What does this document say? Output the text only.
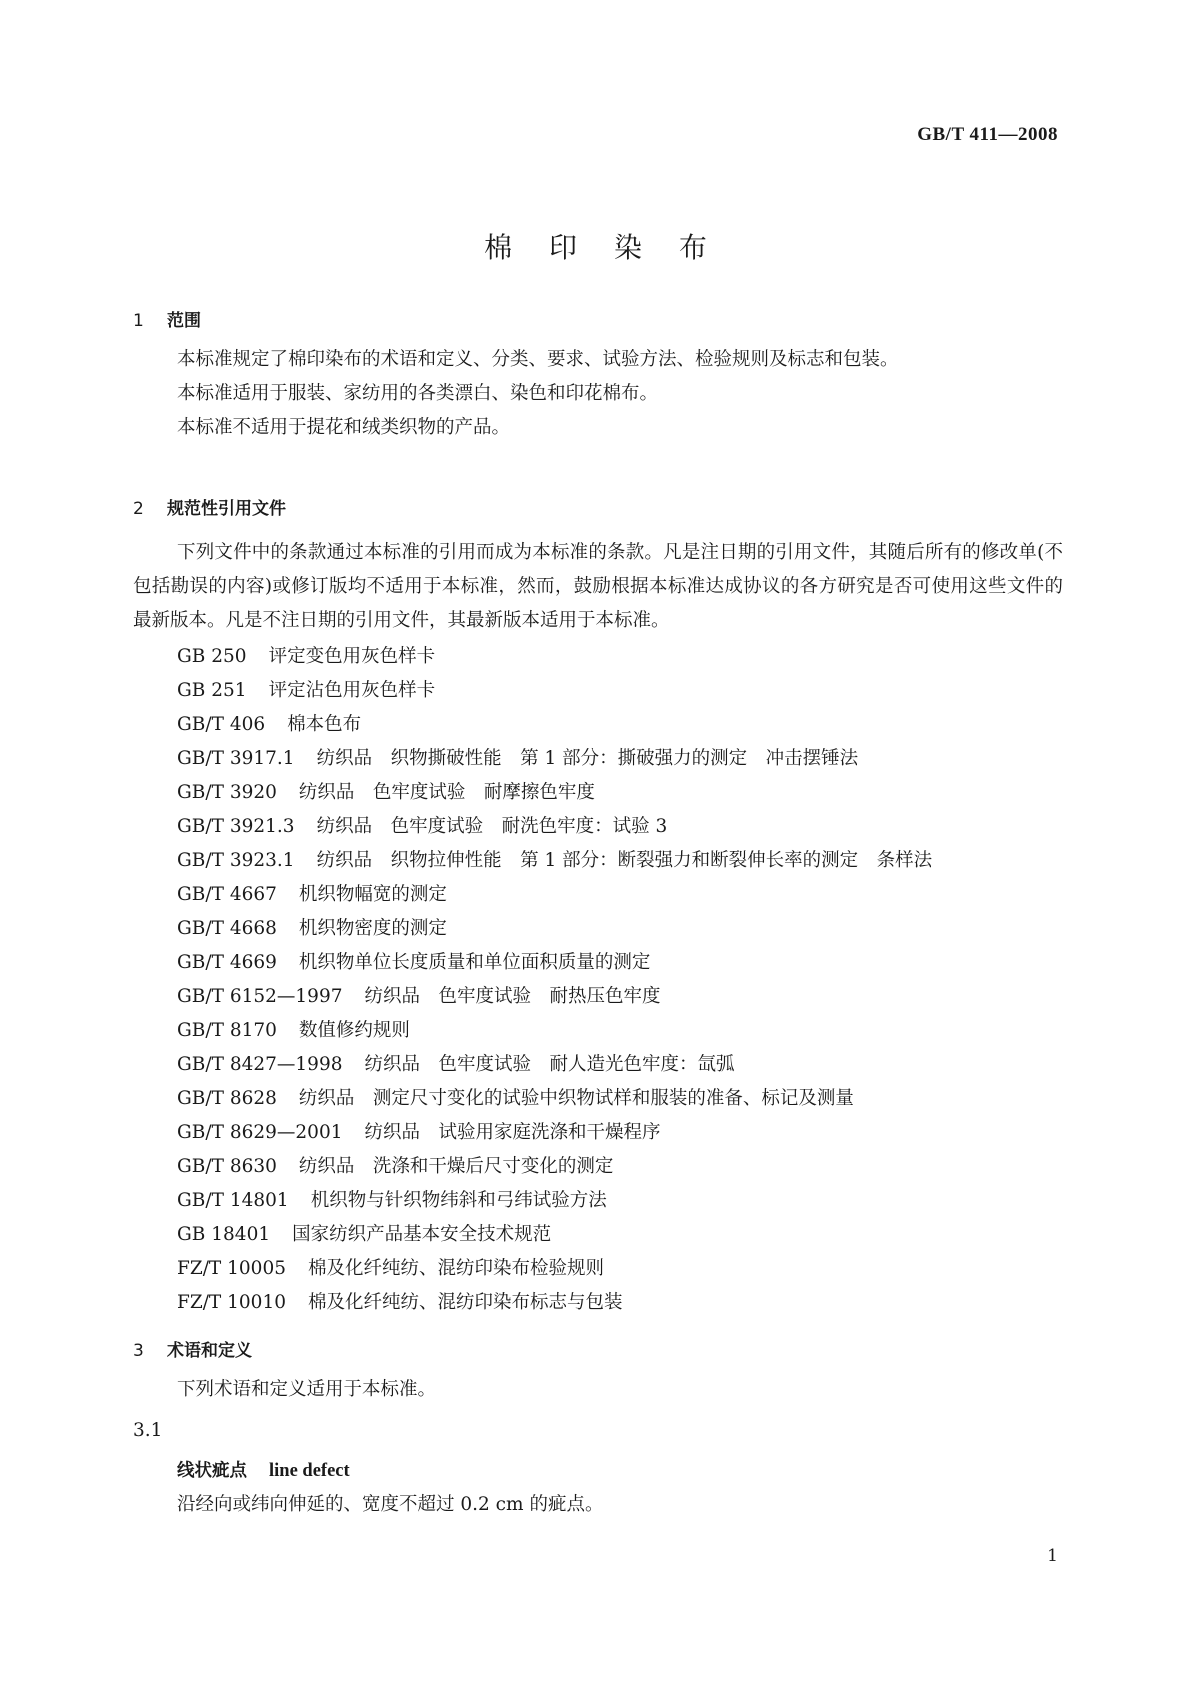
GB/T 411—2008

棉 印 染 布
1 范围

本标准规定了棉印染布的术语和定义、分类、要求、试验方法、检验规则及标志和包装。

本标准适用于服装、家纺用的各类漂白、染色和印花棉布。

本标准不适用于提花和绒类织物的产品。

2 规范性引用文件

下列文件中的条款通过本标准的引用而成为本标准的条款。凡是注日期的引用文件，其随后所有的修改单(不包括勘误的内容)或修订版均不适用于本标准，然而，鼓励根据本标准达成协议的各方研究是否可使用这些文件的最新版本。凡是不注日期的引用文件，其最新版本适用于本标准。

GB 250 评定变色用灰色样卡
GB 251 评定沾色用灰色样卡
GB/T 406 棉本色布
GB/T 3917.1 纺织品　织物撕破性能　第 1 部分：撕破强力的测定　冲击摆锤法
GB/T 3920 纺织品　色牢度试验　耐摩擦色牢度
GB/T 3921.3 纺织品　色牢度试验　耐洗色牢度：试验 3
GB/T 3923.1 纺织品　织物拉伸性能　第 1 部分：断裂强力和断裂伸长率的测定　条样法
GB/T 4667 机织物幅宽的测定
GB/T 4668 机织物密度的测定
GB/T 4669 机织物单位长度质量和单位面积质量的测定
GB/T 6152—1997 纺织品　色牢度试验　耐热压色牢度
GB/T 8170 数值修约规则
GB/T 8427—1998 纺织品　色牢度试验　耐人造光色牢度：氙弧
GB/T 8628 纺织品　测定尺寸变化的试验中织物试样和服装的准备、标记及测量
GB/T 8629—2001 纺织品　试验用家庭洗涤和干燥程序
GB/T 8630 纺织品　洗涤和干燥后尺寸变化的测定
GB/T 14801 机织物与针织物纬斜和弓纬试验方法
GB 18401 国家纺织产品基本安全技术规范
FZ/T 10005 棉及化纤纯纺、混纺印染布检验规则
FZ/T 10010 棉及化纤纯纺、混纺印染布标志与包装
3 术语和定义

下列术语和定义适用于本标准。

3.1

线状疵点 line defect

沿经向或纬向伸延的、宽度不超过 0.2 cm 的疵点。

1
